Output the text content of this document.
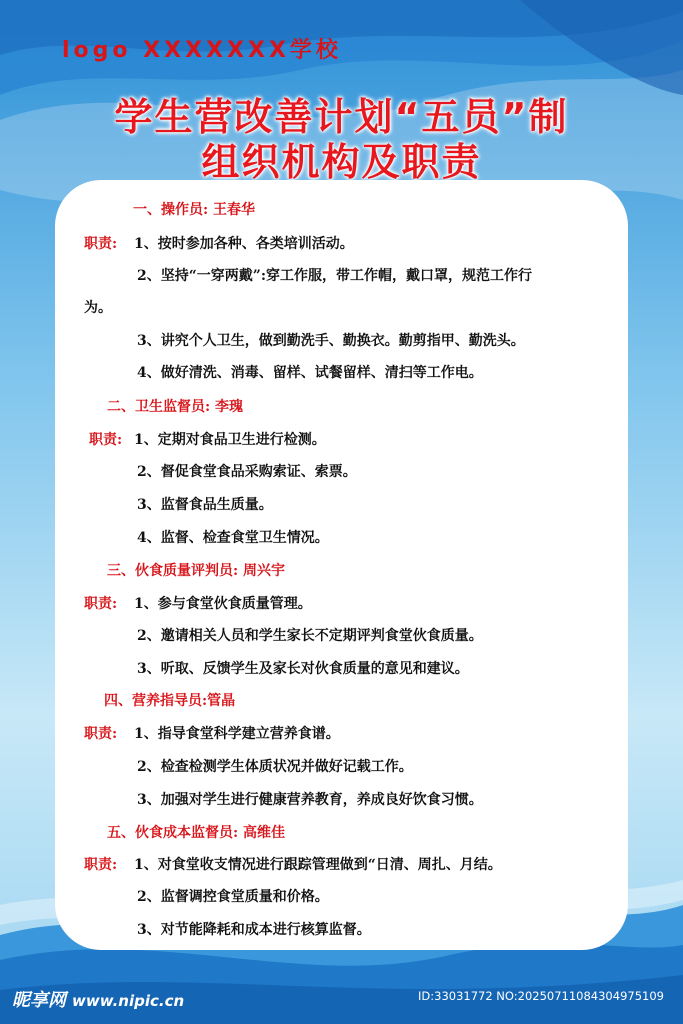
logo XXXXXXX学校
学生营改善计划“五员”制
组织机构及职责
一、操作员: 王春华
职责: 1、按时参加各种、各类培训活动。
2、坚持“一穿两戴”:穿工作服，带工作帽，戴口罩，规范工作行
为。
3、讲究个人卫生，做到勤洗手、勤换衣。勤剪指甲、勤洗头。
4、做好清洗、消毒、留样、试餐留样、清扫等工作电。
二、卫生监督员: 李瑰
职责: 1、定期对食品卫生进行检测。
2、督促食堂食品采购索证、索票。
3、监督食品生质量。
4、监督、检查食堂卫生情况。
三、伙食质量评判员: 周兴宇
职责: 1、参与食堂伙食质量管理。
2、邀请相关人员和学生家长不定期评判食堂伙食质量。
3、听取、反馈学生及家长对伙食质量的意见和建议。
四、营养指导员:管晶
职责: 1、指导食堂科学建立营养食谱。
2、检查检测学生体质状况并做好记载工作。
3、加强对学生进行健康营养教育，养成良好饮食习惯。
五、伙食成本监督员: 高维佳
职责: 1、对食堂收支情况进行跟踪管理做到“日清、周扎、月结。
2、监督调控食堂质量和价格。
3、对节能降耗和成本进行核算监督。
昵享网 www.nipic.cn	ID:33031772 NO:20250711084304975109
